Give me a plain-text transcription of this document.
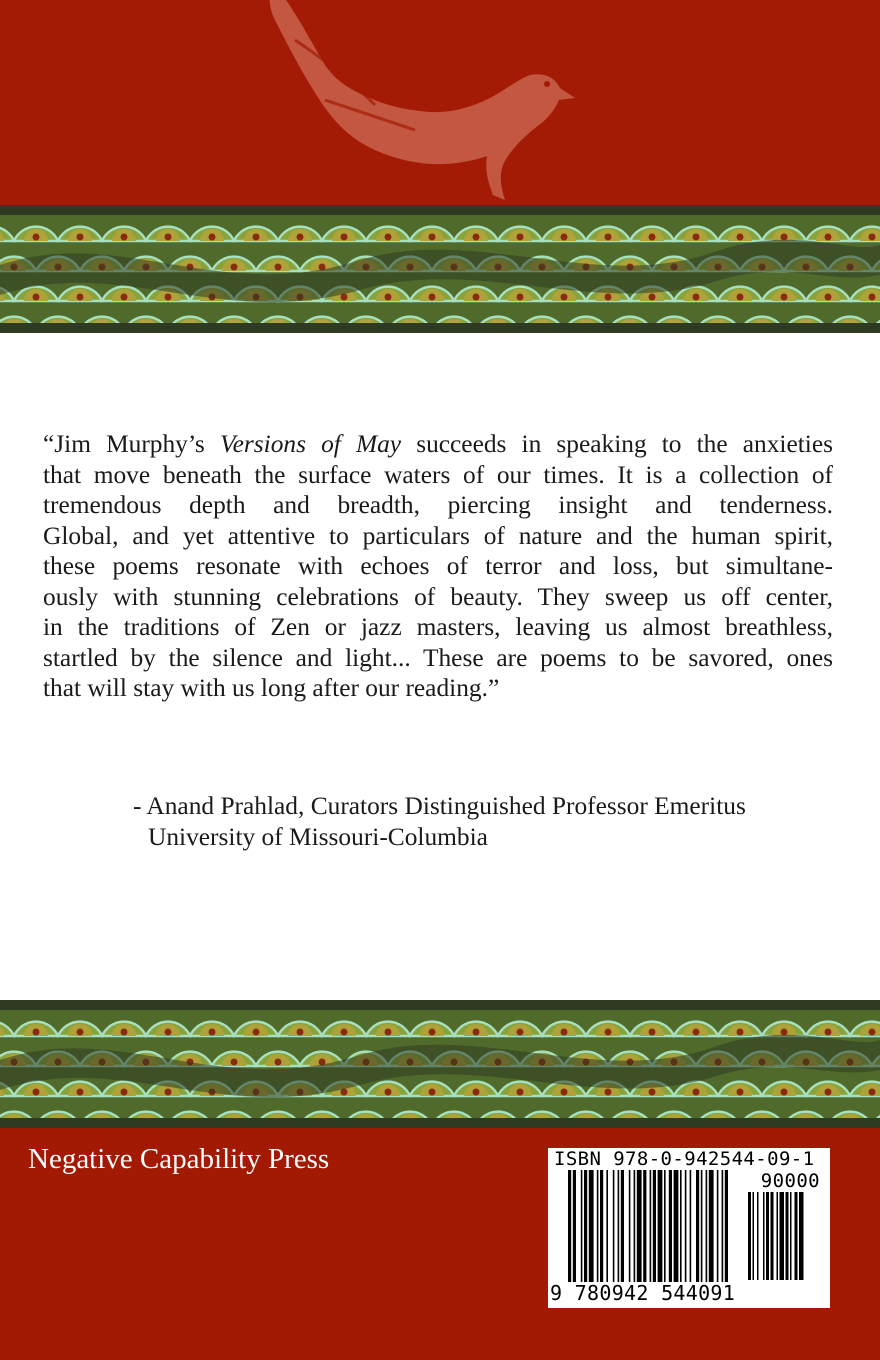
“Jim Murphy’s Versions of May succeeds in speaking to the anxieties
that move beneath the surface waters of our times. It is a collection of
tremendous depth and breadth, piercing insight and tenderness.
Global, and yet attentive to particulars of nature and the human spirit,
these poems resonate with echoes of terror and loss, but simultane-
ously with stunning celebrations of beauty. They sweep us off center,
in the traditions of Zen or jazz masters, leaving us almost breathless,
startled by the silence and light... These are poems to be savored, ones
that will stay with us long after our reading.”
- Anand Prahlad, Curators Distinguished Professor Emeritus
University of Missouri-Columbia
Negative Capability Press	ISBN 978-0-942544-09-1
90000
9 780942 544091
